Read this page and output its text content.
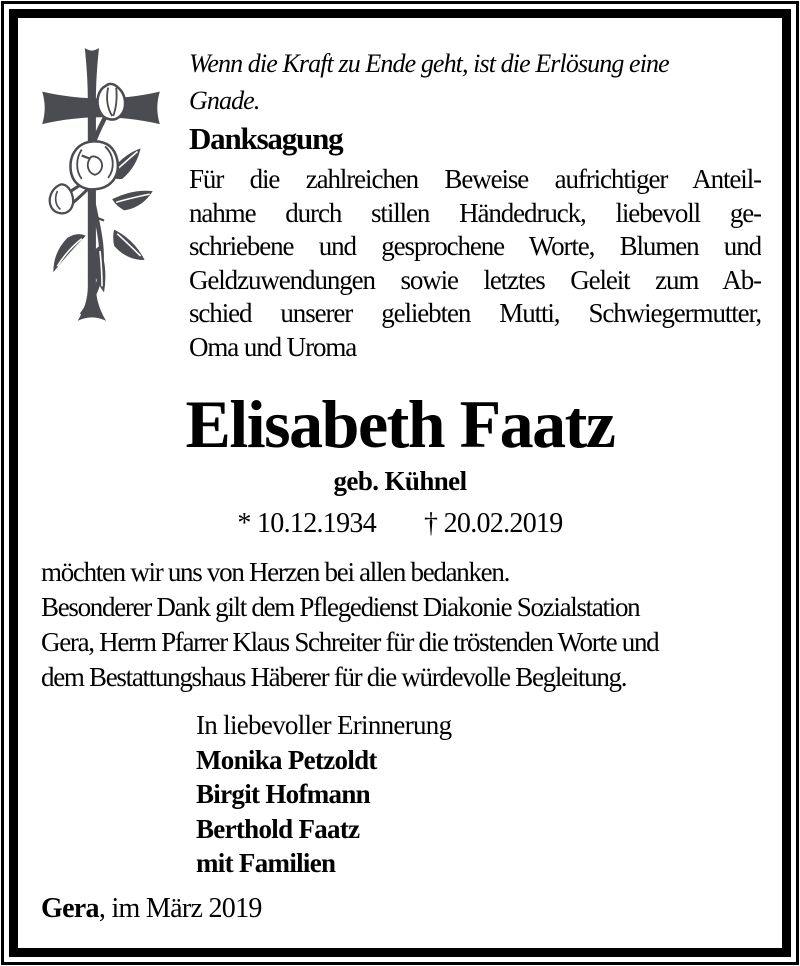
Wenn die Kraft zu Ende geht, ist die Erlösung eine
Gnade.
Danksagung
Für die zahlreichen Beweise aufrichtiger Anteil-
nahme durch stillen Händedruck, liebevoll ge-
schriebene und gesprochene Worte, Blumen und
Geldzuwendungen sowie letztes Geleit zum Ab-
schied unserer geliebten Mutti, Schwiegermutter,
Oma und Uroma
Elisabeth Faatz
geb. Kühnel
* 10.12.1934 † 20.02.2019
möchten wir uns von Herzen bei allen bedanken.
Besonderer Dank gilt dem Pflegedienst Diakonie Sozialstation
Gera, Herrn Pfarrer Klaus Schreiter für die tröstenden Worte und
dem Bestattungshaus Häberer für die würdevolle Begleitung.
In liebevoller Erinnerung
Monika Petzoldt
Birgit Hofmann
Berthold Faatz
mit Familien
Gera, im März 2019
